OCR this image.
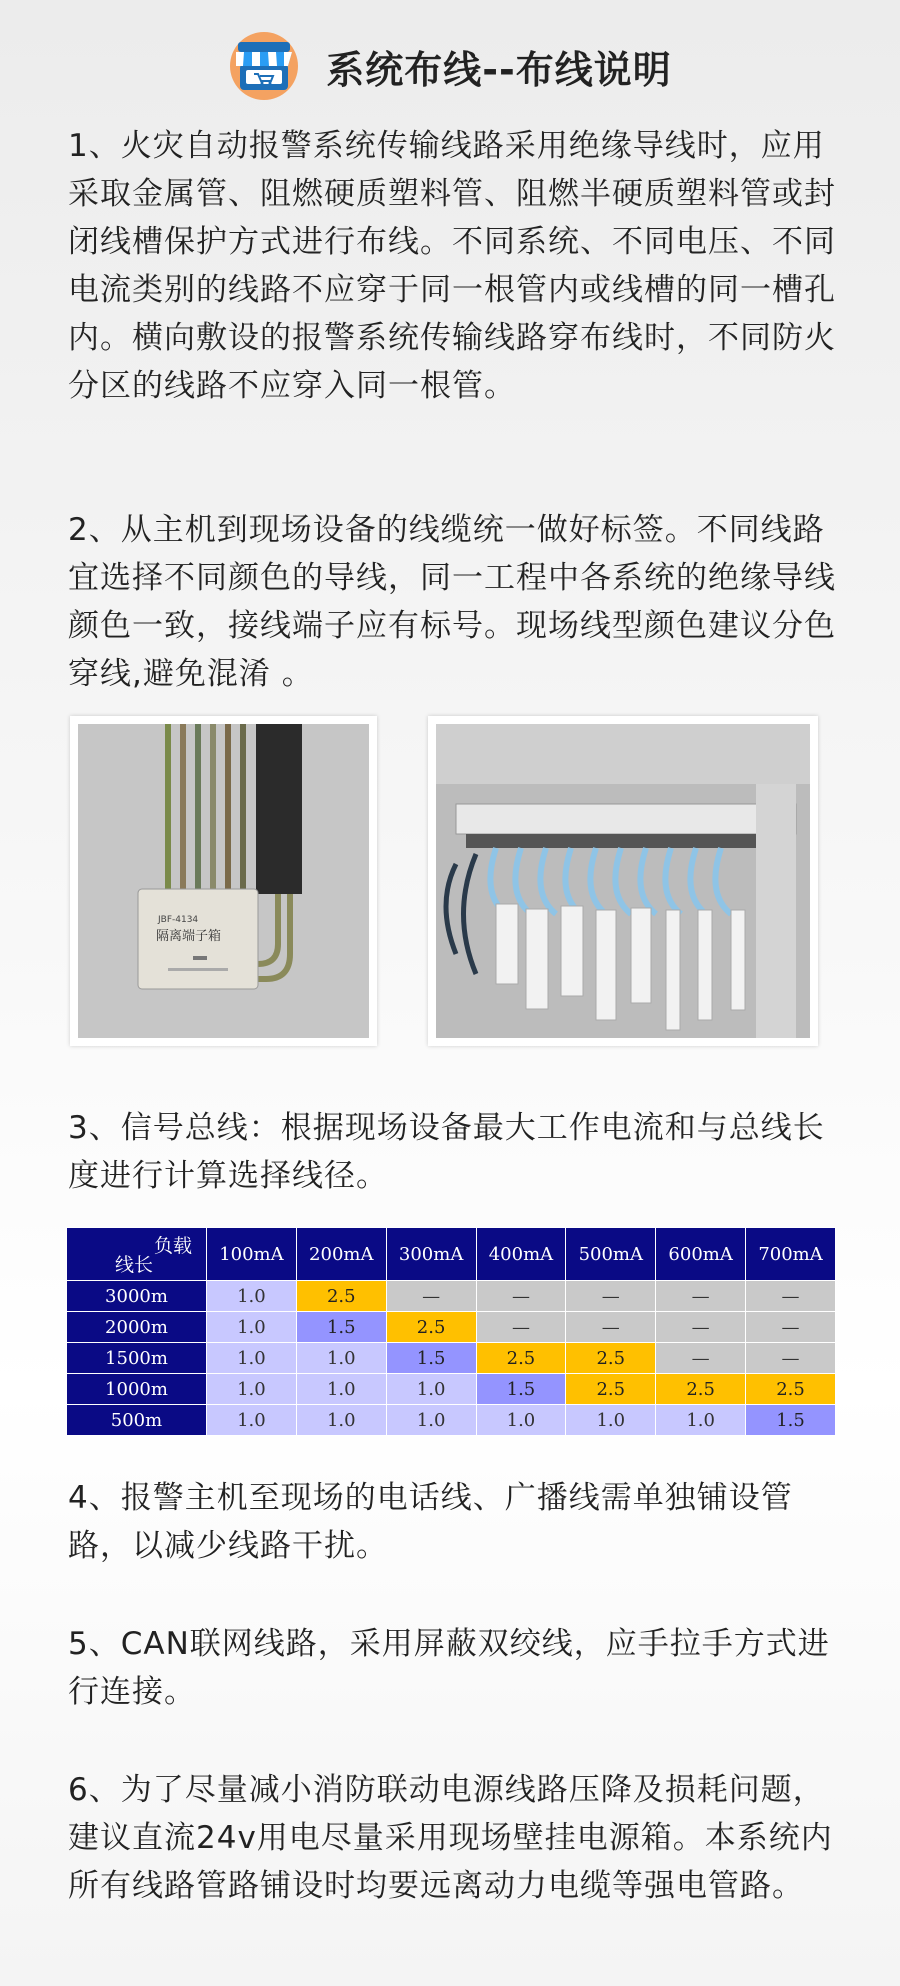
系统布线--布线说明
1、火灾自动报警系统传输线路采用绝缘导线时，应用采取金属管、阻燃硬质塑料管、阻燃半硬质塑料管或封闭线槽保护方式进行布线。不同系统、不同电压、不同电流类别的线路不应穿于同一根管内或线槽的同一槽孔内。横向敷设的报警系统传输线路穿布线时，不同防火分区的线路不应穿入同一根管。
2、从主机到现场设备的线缆统一做好标签。不同线路宜选择不同颜色的导线，同一工程中各系统的绝缘导线颜色一致，接线端子应有标号。现场线型颜色建议分色穿线,避免混淆 。
JBF-4134
隔离端子箱
3、信号总线：根据现场设备最大工作电流和与总线长度进行计算选择线径。
负载
线长	100mA	200mA	300mA	400mA	500mA	600mA	700mA
3000m	1.0	2.5	—	—	—	—	—
2000m	1.0	1.5	2.5	—	—	—	—
1500m	1.0	1.0	1.5	2.5	2.5	—	—
1000m	1.0	1.0	1.0	1.5	2.5	2.5	2.5
500m	1.0	1.0	1.0	1.0	1.0	1.0	1.5
4、报警主机至现场的电话线、广播线需单独铺设管路，以减少线路干扰。
5、CAN联网线路，采用屏蔽双绞线，应手拉手方式进行连接。
6、为了尽量减小消防联动电源线路压降及损耗问题，建议直流24v用电尽量采用现场壁挂电源箱。本系统内所有线路管路铺设时均要远离动力电缆等强电管路。
